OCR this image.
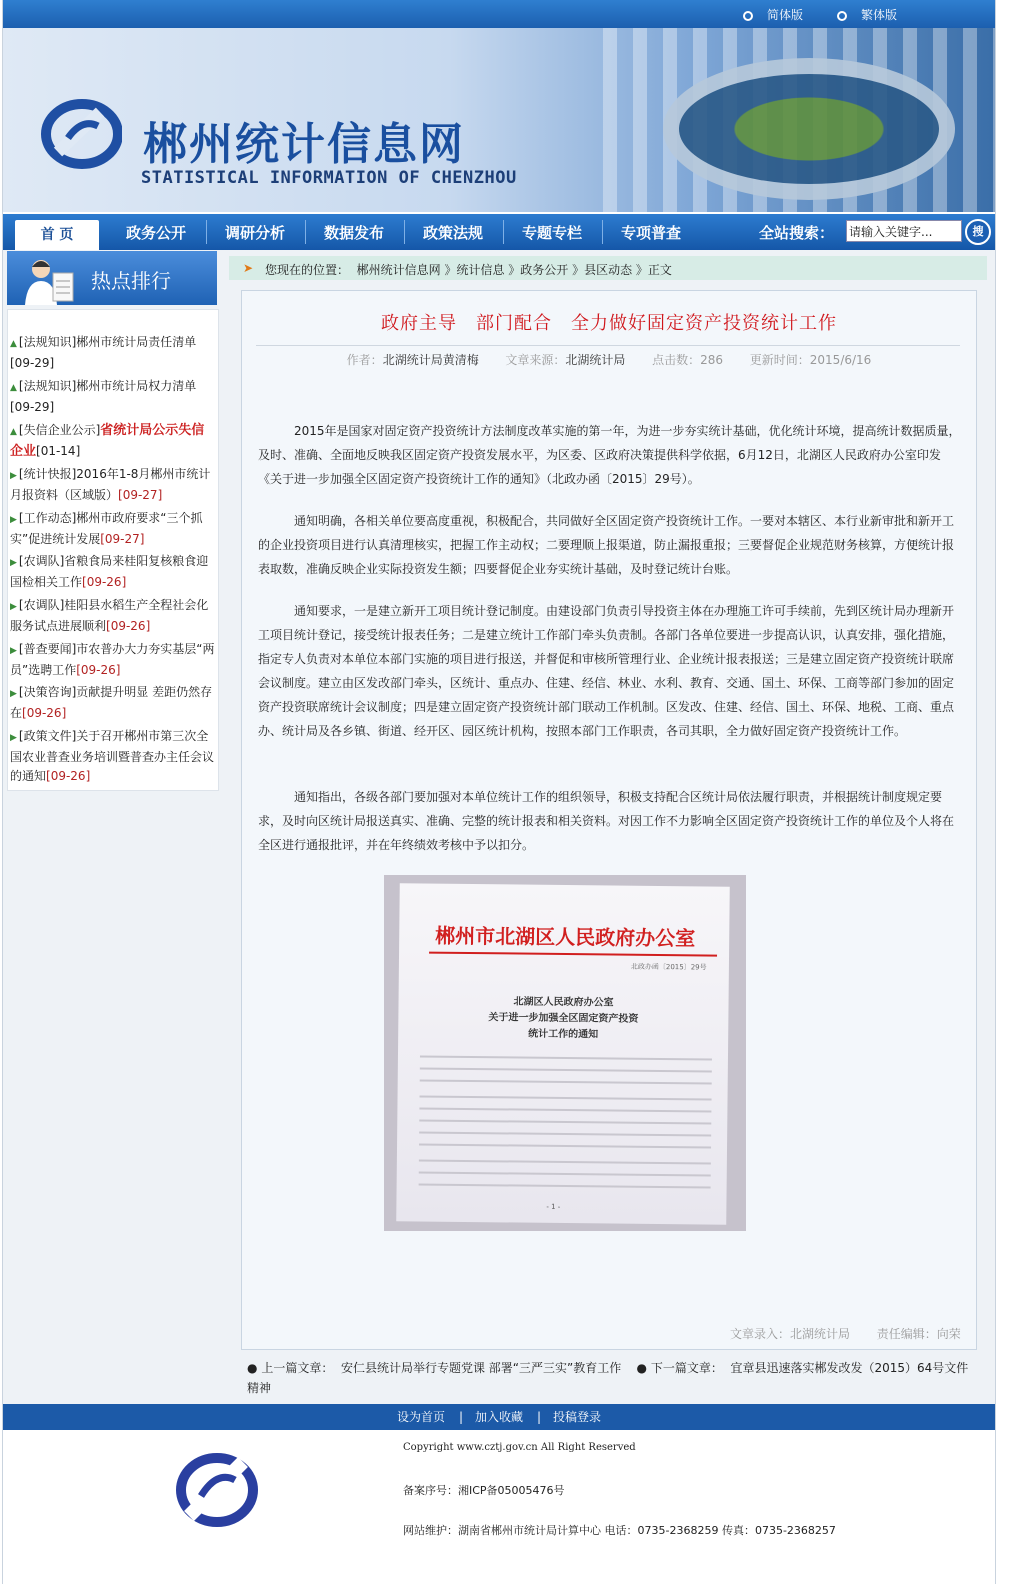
简体版	繁体版
郴州统计信息网
STATISTICAL INFORMATION OF CHENZHOU
首 页	政务公开	调研分析	数据发布	政策法规	专题专栏	专项普查	全站搜索：
请输入关键字...	搜
热点排行
▲ [法规知识]郴州市统计局责任清单
[09-29]
▲ [法规知识]郴州市统计局权力清单
[09-29]
▲ [失信企业公示]省统计局公示失信企业[01-14]
▶ [统计快报]2016年1-8月郴州市统计月报资料（区域版）[09-27]
▶ [工作动态]郴州市政府要求“三个抓实”促进统计发展[09-27]
▶ [农调队]省粮食局来桂阳复核粮食迎国检相关工作[09-26]
▶ [农调队]桂阳县水稻生产全程社会化服务试点进展顺利[09-26]
▶ [普查要闻]市农普办大力夯实基层“两员”选聘工作[09-26]
▶ [决策咨询]贡献提升明显 差距仍然存在[09-26]
▶ [政策文件]关于召开郴州市第三次全国农业普查业务培训暨普查办主任会议的通知[09-26]
➤ 您现在的位置： 郴州统计信息网 》统计信息 》政务公开 》县区动态 》正文
政府主导　部门配合　全力做好固定资产投资统计工作
作者：北湖统计局黄清梅 文章来源：北湖统计局 点击数：286 更新时间：2015/6/16
2015年是国家对固定资产投资统计方法制度改革实施的第一年，为进一步夯实统计基础，优化统计环境，提高统计数据质量，及时、准确、全面地反映我区固定资产投资发展水平，为区委、区政府决策提供科学依据，6月12日，北湖区人民政府办公室印发《关于进一步加强全区固定资产投资统计工作的通知》（北政办函〔2015〕29号）。
通知明确，各相关单位要高度重视，积极配合，共同做好全区固定资产投资统计工作。一要对本辖区、本行业新审批和新开工的企业投资项目进行认真清理核实，把握工作主动权；二要理顺上报渠道，防止漏报重报；三要督促企业规范财务核算，方便统计报表取数，准确反映企业实际投资发生额；四要督促企业夯实统计基础，及时登记统计台账。
通知要求，一是建立新开工项目统计登记制度。由建设部门负责引导投资主体在办理施工许可手续前，先到区统计局办理新开工项目统计登记，接受统计报表任务；二是建立统计工作部门牵头负责制。各部门各单位要进一步提高认识，认真安排，强化措施，指定专人负责对本单位本部门实施的项目进行报送，并督促和审核所管理行业、企业统计报表报送；三是建立固定资产投资统计联席会议制度。建立由区发改部门牵头，区统计、重点办、住建、经信、林业、水利、教育、交通、国土、环保、工商等部门参加的固定资产投资联席统计会议制度；四是建立固定资产投资统计部门联动工作机制。区发改、住建、经信、国土、环保、地税、工商、重点办、统计局及各乡镇、街道、经开区、园区统计机构，按照本部门工作职责，各司其职，全力做好固定资产投资统计工作。
通知指出，各级各部门要加强对本单位统计工作的组织领导，积极支持配合区统计局依法履行职责，并根据统计制度规定要求，及时向区统计局报送真实、准确、完整的统计报表和相关资料。对因工作不力影响全区固定资产投资统计工作的单位及个人将在全区进行通报批评，并在年终绩效考核中予以扣分。
郴州市北湖区人民政府办公室
北政办函〔2015〕29号
北湖区人民政府办公室
关于进一步加强全区固定资产投资
统计工作的通知
- 1 -
文章录入：北湖统计局 责任编辑：向荣
● 上一篇文章： 安仁县统计局举行专题党课 部署“三严三实”教育工作 ● 下一篇文章： 宜章县迅速落实郴发改发（2015）64号文件精神
设为首页 | 加入收藏 | 投稿登录
Copyright www.cztj.gov.cn All Right Reserved
备案序号：湘ICP备05005476号
网站维护：湖南省郴州市统计局计算中心 电话：0735-2368259 传真：0735-2368257
